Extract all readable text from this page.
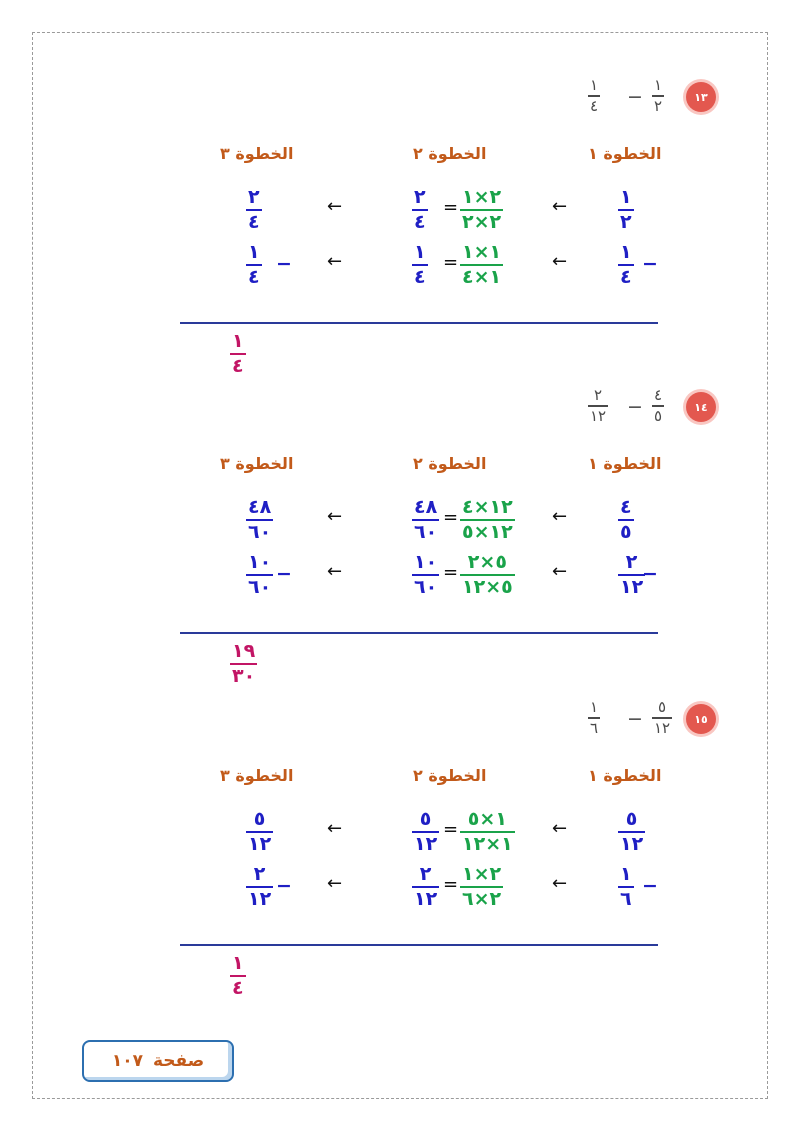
١٣
١
٢
−
١
٤
الخطوة ١
الخطوة ٢
الخطوة ٣
١
٢
←
٢
٤
= ٢×١
٢×٢
←
٢
٤
١
٤
−
←
١
٤
= ١×١
١×٤
←
١
٤
−
١
٤
١٤
٤
٥
−
٢
١٢
الخطوة ١
الخطوة ٢
الخطوة ٣
٤
٥
←
٤٨
٦٠
= ١٢×٤
١٢×٥
←
٤٨
٦٠
٢
١٢
−
←
١٠
٦٠
= ٥×٢
٥×١٢
←
١٠
٦٠
−
١٩
٣٠
١٥
٥
١٢
−
١
٦
الخطوة ١
الخطوة ٢
الخطوة ٣
٥
١٢
←
٥
١٢
= ١×٥
١×١٢
←
٥
١٢
١
٦
−
←
٢
١٢
= ٢×١
٢×٦
←
٢
١٢
−
١
٤
صفحة
١٠٧
